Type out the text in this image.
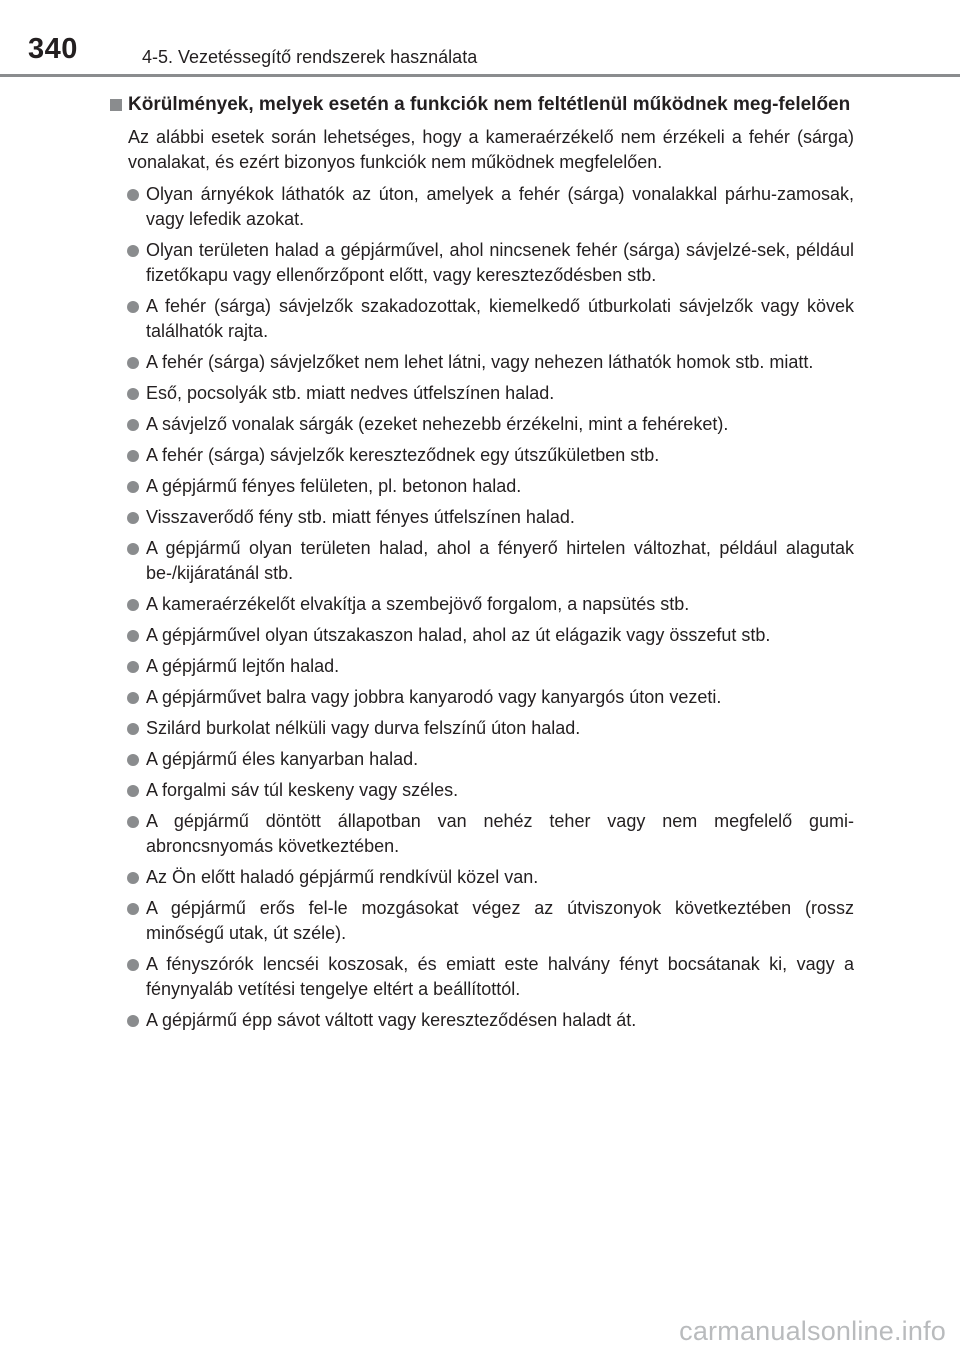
340	4-5. Vezetéssegítő rendszerek használata
Körülmények, melyek esetén a funkciók nem feltétlenül működnek meg-felelően

Az alábbi esetek során lehetséges, hogy a kameraérzékelő nem érzékeli a fehér (sárga) vonalakat, és ezért bizonyos funkciók nem működnek megfelelően.

Olyan árnyékok láthatók az úton, amelyek a fehér (sárga) vonalakkal párhu-zamosak, vagy lefedik azokat.
Olyan területen halad a gépjárművel, ahol nincsenek fehér (sárga) sávjelzé-sek, például fizetőkapu vagy ellenőrzőpont előtt, vagy kereszteződésben stb.
A fehér (sárga) sávjelzők szakadozottak, kiemelkedő útburkolati sávjelzők vagy kövek találhatók rajta.
A fehér (sárga) sávjelzőket nem lehet látni, vagy nehezen láthatók homok stb. miatt.
Eső, pocsolyák stb. miatt nedves útfelszínen halad.
A sávjelző vonalak sárgák (ezeket nehezebb érzékelni, mint a fehéreket).
A fehér (sárga) sávjelzők kereszteződnek egy útszűkületben stb.
A gépjármű fényes felületen, pl. betonon halad.
Visszaverődő fény stb. miatt fényes útfelszínen halad.
A gépjármű olyan területen halad, ahol a fényerő hirtelen változhat, például alagutak be-/kijáratánál stb.
A kameraérzékelőt elvakítja a szembejövő forgalom, a napsütés stb.
A gépjárművel olyan útszakaszon halad, ahol az út elágazik vagy összefut stb.
A gépjármű lejtőn halad.
A gépjárművet balra vagy jobbra kanyarodó vagy kanyargós úton vezeti.
Szilárd burkolat nélküli vagy durva felszínű úton halad.
A gépjármű éles kanyarban halad.
A forgalmi sáv túl keskeny vagy széles.
A gépjármű döntött állapotban van nehéz teher vagy nem megfelelő gumi-abroncsnyomás következtében.
Az Ön előtt haladó gépjármű rendkívül közel van.
A gépjármű erős fel-le mozgásokat végez az útviszonyok következtében (rossz minőségű utak, út széle).
A fényszórók lencséi koszosak, és emiatt este halvány fényt bocsátanak ki, vagy a fénynyaláb vetítési tengelye eltért a beállítottól.
A gépjármű épp sávot váltott vagy kereszteződésen haladt át.
carmanualsonline.info
